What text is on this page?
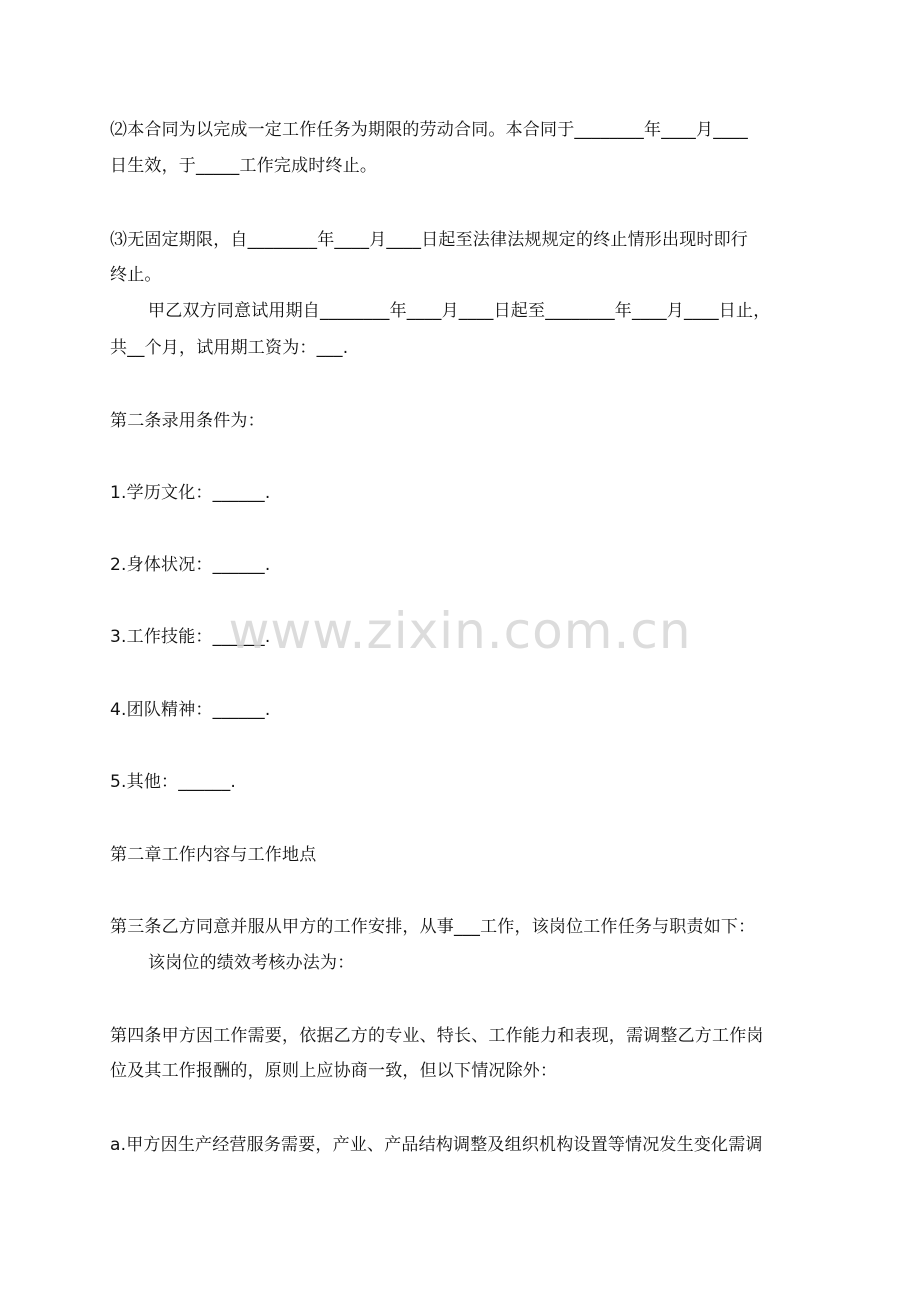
⑵本合同为以完成一定工作任务为期限的劳动合同。本合同于________年____月____
日生效，于_____工作完成时终止。
⑶无固定期限，自________年____月____日起至法律法规规定的终止情形出现时即行
终止。
甲乙双方同意试用期自________年____月____日起至________年____月____日止，
共__个月，试用期工资为：___.
第二条录用条件为：
1.学历文化：______.
2.身体状况：______.
3.工作技能：______.
4.团队精神：______.
5.其他：______.
第二章工作内容与工作地点
第三条乙方同意并服从甲方的工作安排，从事___工作，该岗位工作任务与职责如下：
该岗位的绩效考核办法为：
第四条甲方因工作需要，依据乙方的专业、特长、工作能力和表现，需调整乙方工作岗
位及其工作报酬的，原则上应协商一致，但以下情况除外：
a.甲方因生产经营服务需要，产业、产品结构调整及组织机构设置等情况发生变化需调
www.zixin.com.cn
